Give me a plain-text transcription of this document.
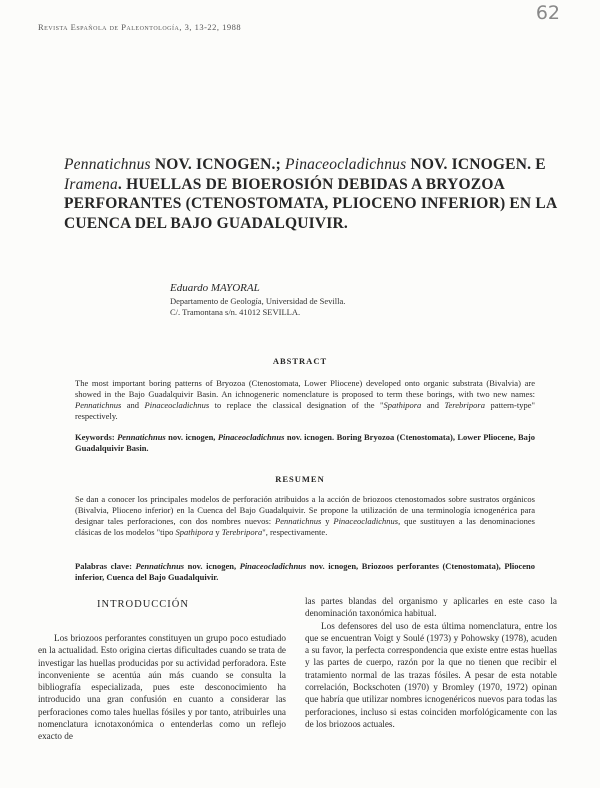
Revista Española de Paleontología, 3, 13-22, 1988
62
Pennatichnus NOV. ICNOGEN.; Pinaceocladichnus NOV. ICNOGEN. E Iramena. HUELLAS DE BIOEROSIÓN DEBIDAS A BRYOZOA PERFORANTES (CTENOSTOMATA, PLIOCENO INFERIOR) EN LA CUENCA DEL BAJO GUADALQUIVIR.
Eduardo MAYORAL
Departamento de Geología, Universidad de Sevilla.
C/. Tramontana s/n. 41012 SEVILLA.
ABSTRACT
The most important boring patterns of Bryozoa (Ctenostomata, Lower Pliocene) developed onto organic substrata (Bivalvia) are showed in the Bajo Guadalquivir Basin. An ichnogeneric nomenclature is proposed to term these borings, with two new names: Pennatichnus and Pinaceocladichnus to replace the classical designation of the "Spathipora and Terebripora pattern-type" respectively.
Keywords: Pennatichnus nov. icnogen, Pinaceocladichnus nov. icnogen. Boring Bryozoa (Ctenostomata), Lower Pliocene, Bajo Guadalquivir Basin.
RESUMEN
Se dan a conocer los principales modelos de perforación atribuidos a la acción de briozoos ctenostomados sobre sustratos orgánicos (Bivalvia, Plioceno inferior) en la Cuenca del Bajo Guadalquivir. Se propone la utilización de una terminología icnogenérica para designar tales perforaciones, con dos nombres nuevos: Pennatichnus y Pinaceocladichnus, que sustituyen a las denominaciones clásicas de los modelos "tipo Spathipora y Terebripora", respectivamente.
Palabras clave: Pennatichnus nov. icnogen, Pinaceocladichnus nov. icnogen, Briozoos perforantes (Ctenostomata), Plioceno inferior, Cuenca del Bajo Guadalquivir.
INTRODUCCIÓN

Los briozoos perforantes constituyen un grupo poco estudiado en la actualidad. Esto origina ciertas dificultades cuando se trata de investigar las huellas producidas por su actividad perforadora. Este inconveniente se acentúa aún más cuando se consulta la bibliografía especializada, pues este desconocimiento ha introducido una gran confusión en cuanto a considerar las perforaciones como tales huellas fósiles y por tanto, atribuirles una nomenclatura icnotaxonómica o entenderlas como un reflejo exacto de

las partes blandas del organismo y aplicarles en este caso la denominación taxonómica habitual.

Los defensores del uso de esta última nomenclatura, entre los que se encuentran Voigt y Soulé (1973) y Pohowsky (1978), acuden a su favor, la perfecta correspondencia que existe entre estas huellas y las partes de cuerpo, razón por la que no tienen que recibir el tratamiento normal de las trazas fósiles. A pesar de esta notable correlación, Bockschoten (1970) y Bromley (1970, 1972) opinan que habría que utilizar nombres icnogenéricos nuevos para todas las perforaciones, incluso si estas coinciden morfológicamente con las de los briozoos actuales.
